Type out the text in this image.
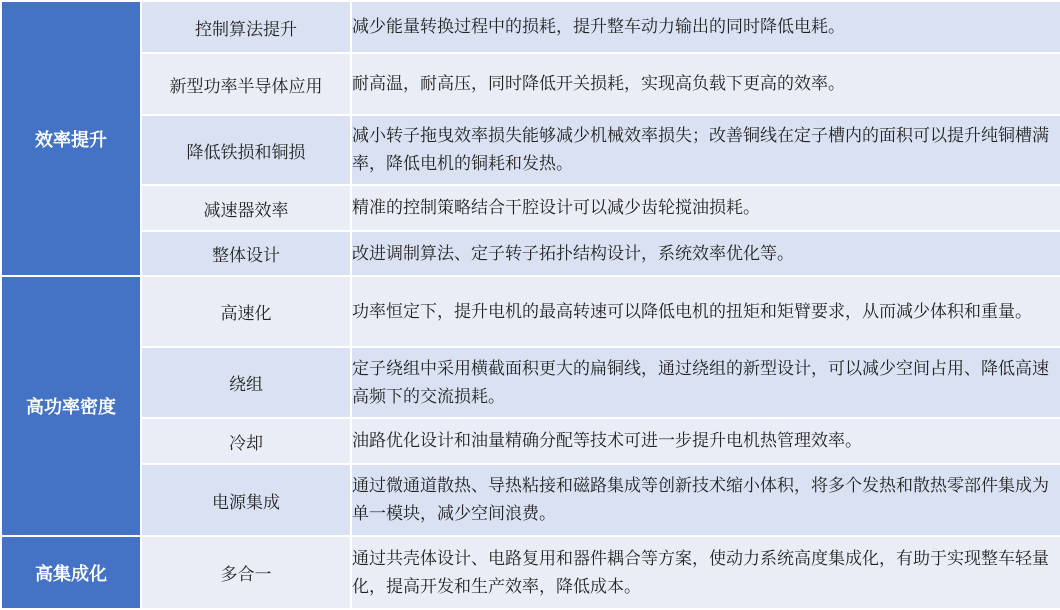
效率提升	控制算法提升	减少能量转换过程中的损耗，提升整车动力输出的同时降低电耗。
	新型功率半导体应用	耐高温，耐高压，同时降低开关损耗，实现高负载下更高的效率。
	降低铁损和铜损	减小转子拖曳效率损失能够减少机械效率损失；改善铜线在定子槽内的面积可以提升纯铜槽满率，降低电机的铜耗和发热。
	减速器效率	精准的控制策略结合干腔设计可以减少齿轮搅油损耗。
	整体设计	改进调制算法、定子转子拓扑结构设计，系统效率优化等。
高功率密度	高速化	功率恒定下，提升电机的最高转速可以降低电机的扭矩和矩臂要求，从而减少体积和重量。
	绕组	定子绕组中采用横截面积更大的扁铜线，通过绕组的新型设计，可以减少空间占用、降低高速高频下的交流损耗。
	冷却	油路优化设计和油量精确分配等技术可进一步提升电机热管理效率。
	电源集成	通过微通道散热、导热粘接和磁路集成等创新技术缩小体积，将多个发热和散热零部件集成为单一模块，减少空间浪费。
高集成化	多合一	通过共壳体设计、电路复用和器件耦合等方案，使动力系统高度集成化，有助于实现整车轻量化，提高开发和生产效率，降低成本。
